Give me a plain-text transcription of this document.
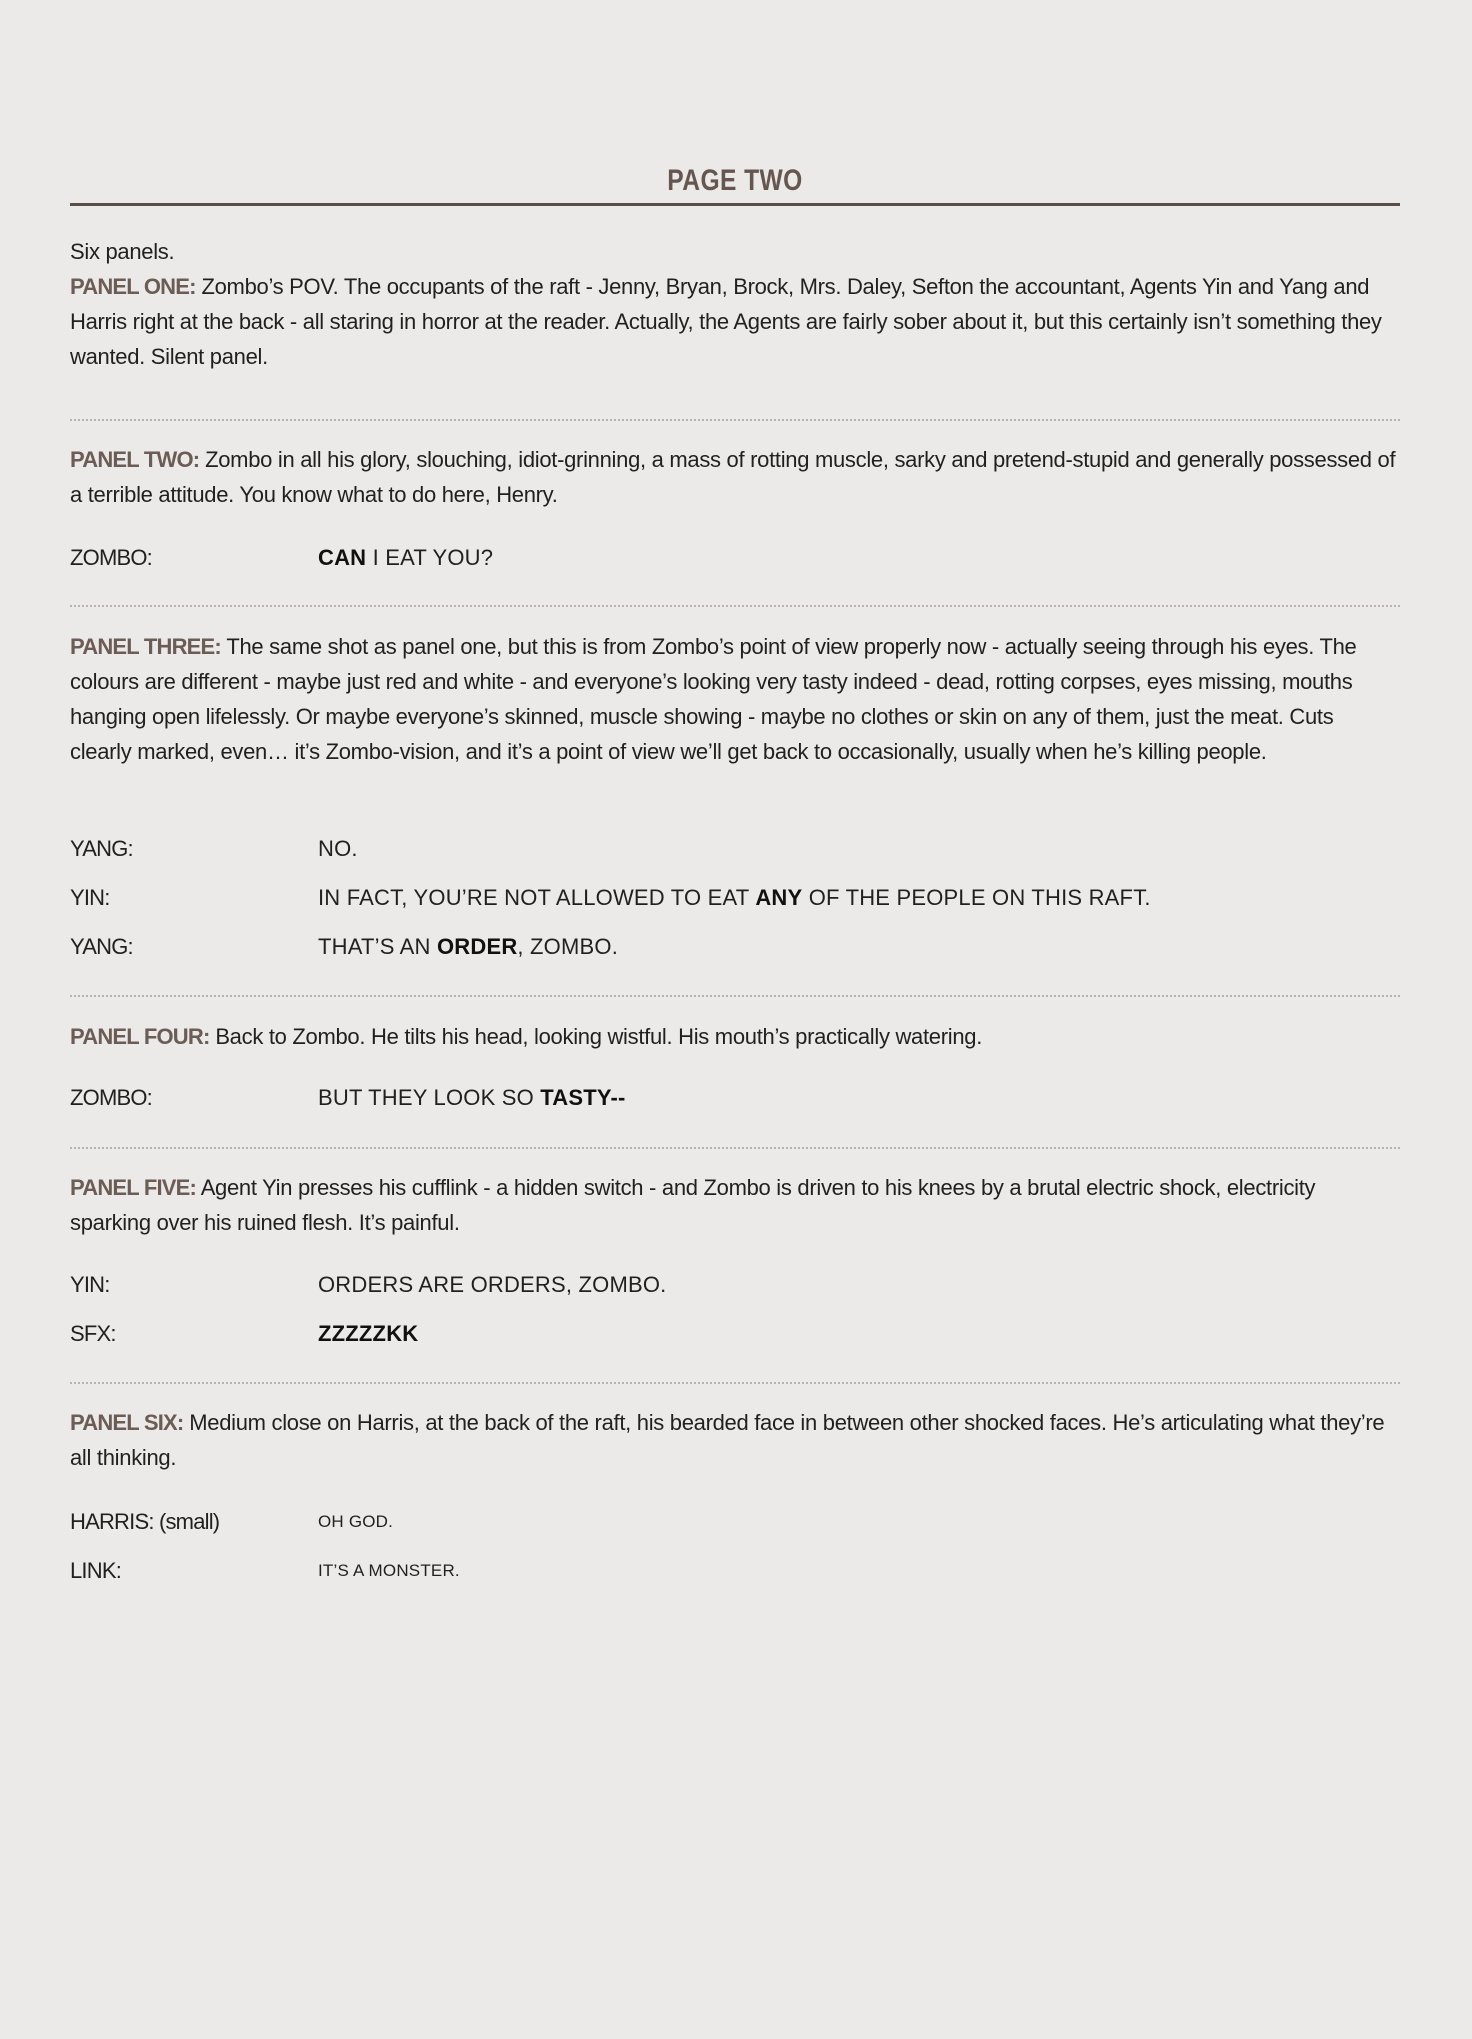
PAGE TWO
Six panels.
PANEL ONE: Zombo’s POV. The occupants of the raft - Jenny, Bryan, Brock, Mrs. Daley, Sefton the accountant, Agents Yin and Yang and Harris right at the back - all staring in horror at the reader. Actually, the Agents are fairly sober about it, but this certainly isn’t something they wanted. Silent panel.
PANEL TWO: Zombo in all his glory, slouching, idiot-grinning, a mass of rotting muscle, sarky and pretend-stupid and generally possessed of a terrible attitude. You know what to do here, Henry.
ZOMBO:	CAN I EAT YOU?
PANEL THREE: The same shot as panel one, but this is from Zombo’s point of view properly now - actually seeing through his eyes. The colours are different - maybe just red and white - and everyone’s looking very tasty indeed - dead, rotting corpses, eyes missing, mouths hanging open lifelessly. Or maybe everyone’s skinned, muscle showing - maybe no clothes or skin on any of them, just the meat. Cuts clearly marked, even… it’s Zombo-vision, and it’s a point of view we’ll get back to occasionally, usually when he’s killing people.
YANG:	NO.
YIN:	IN FACT, YOU’RE NOT ALLOWED TO EAT ANY OF THE PEOPLE ON THIS RAFT.
YANG:	THAT’S AN ORDER, ZOMBO.
PANEL FOUR: Back to Zombo. He tilts his head, looking wistful. His mouth’s practically watering.
ZOMBO:	BUT THEY LOOK SO TASTY--
PANEL FIVE: Agent Yin presses his cufflink - a hidden switch - and Zombo is driven to his knees by a brutal electric shock, electricity sparking over his ruined flesh. It’s painful.
YIN:	ORDERS ARE ORDERS, ZOMBO.
SFX:	ZZZZZKK
PANEL SIX: Medium close on Harris, at the back of the raft, his bearded face in between other shocked faces. He’s articulating what they’re all thinking.
HARRIS: (small)	OH GOD.
LINK:	IT’S A MONSTER.
